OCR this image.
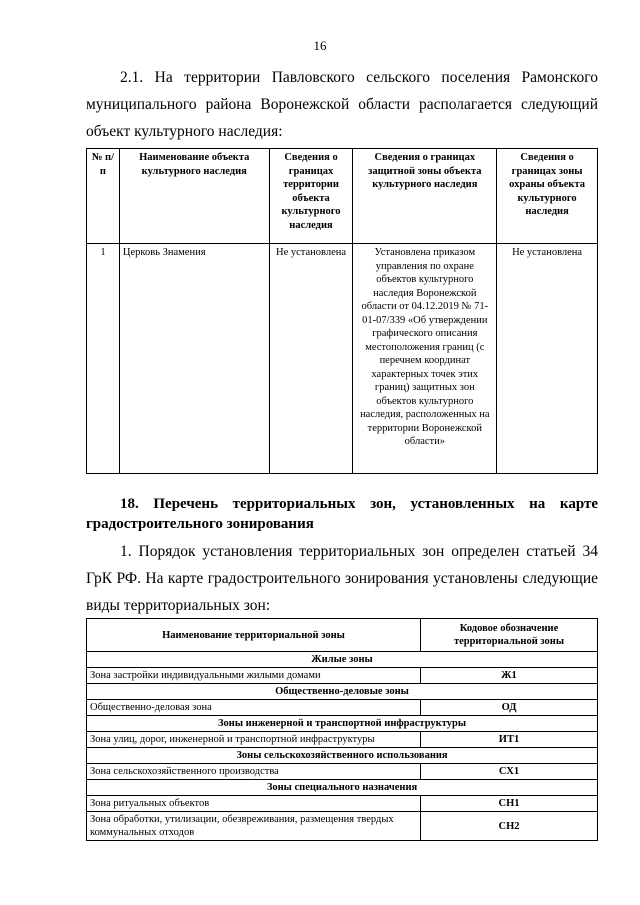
16
2.1. На территории Павловского сельского поселения Рамонского
муниципального района Воронежской области располагается следующий
объект культурного наследия:
№ п/п	Наименование объекта культурного наследия	Сведения о границах территории объекта культурного наследия	Сведения о границах защитной зоны объекта культурного наследия	Сведения о границах зоны охраны объекта культурного наследия
1	Церковь Знамения	Не установлена	Установлена приказом управления по охране объектов культурного наследия Воронежской области от 04.12.2019 № 71-01-07/339 «Об утверждении графического описания местоположения границ (с перечнем координат характерных точек этих границ) защитных зон объектов культурного наследия, расположенных на территории Воронежской области»	Не установлена
18. Перечень территориальных зон, установленных на карте
градостроительного зонирования
1. Порядок установления территориальных зон определен статьей 34
ГрК РФ. На карте градостроительного зонирования установлены следующие
виды территориальных зон:
Наименование территориальной зоны	Кодовое обозначение территориальной зоны
Жилые зоны	
Зона застройки индивидуальными жилыми домами	Ж1
Общественно-деловые зоны	
Общественно-деловая зона	ОД
Зоны инженерной и транспортной инфраструктуры	
Зона улиц, дорог, инженерной и транспортной инфраструктуры	ИТ1
Зоны сельскохозяйственного использования	
Зона сельскохозяйственного производства	СХ1
Зоны специального назначения	
Зона ритуальных объектов	СН1
Зона обработки, утилизации, обезвреживания, размещения твердых коммунальных отходов	СН2
